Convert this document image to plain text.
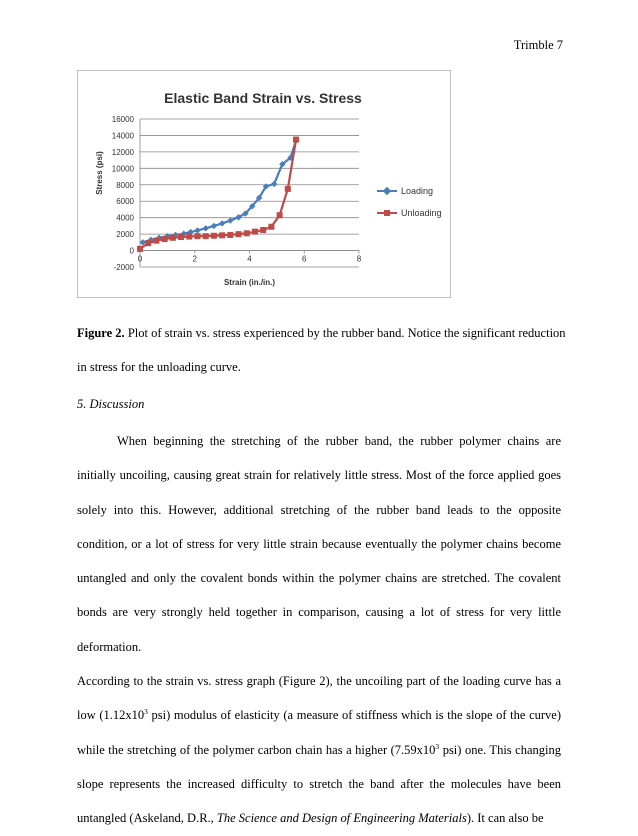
Trimble 7
Elastic Band Strain vs. Stress
-2000
0
2000
4000
6000
8000
10000
12000
14000
16000
0	2	4	6	8
Strain (in./in.)
Stress (psi)	Loading
Unloading
Figure 2. Plot of strain vs. stress experienced by the rubber band. Notice the significant reduction in stress for the unloading curve.
5. Discussion

When beginning the stretching of the rubber band, the rubber polymer chains are initially uncoiling, causing great strain for relatively little stress. Most of the force applied goes solely into this. However, additional stretching of the rubber band leads to the opposite condition, or a lot of stress for very little strain because eventually the polymer chains become untangled and only the covalent bonds within the polymer chains are stretched. The covalent bonds are very strongly held together in comparison, causing a lot of stress for very little deformation.

According to the strain vs. stress graph (Figure 2), the uncoiling part of the loading curve has a low ($1.12x10^3$ psi) modulus of elasticity (a measure of stiffness which is the slope of the curve) while the stretching of the polymer carbon chain has a higher ($7.59x10^3$ psi) one. This changing slope represents the increased difficulty to stretch the band after the molecules have been untangled (Askeland, D.R., The Science and Design of Engineering Materials). It can also be
